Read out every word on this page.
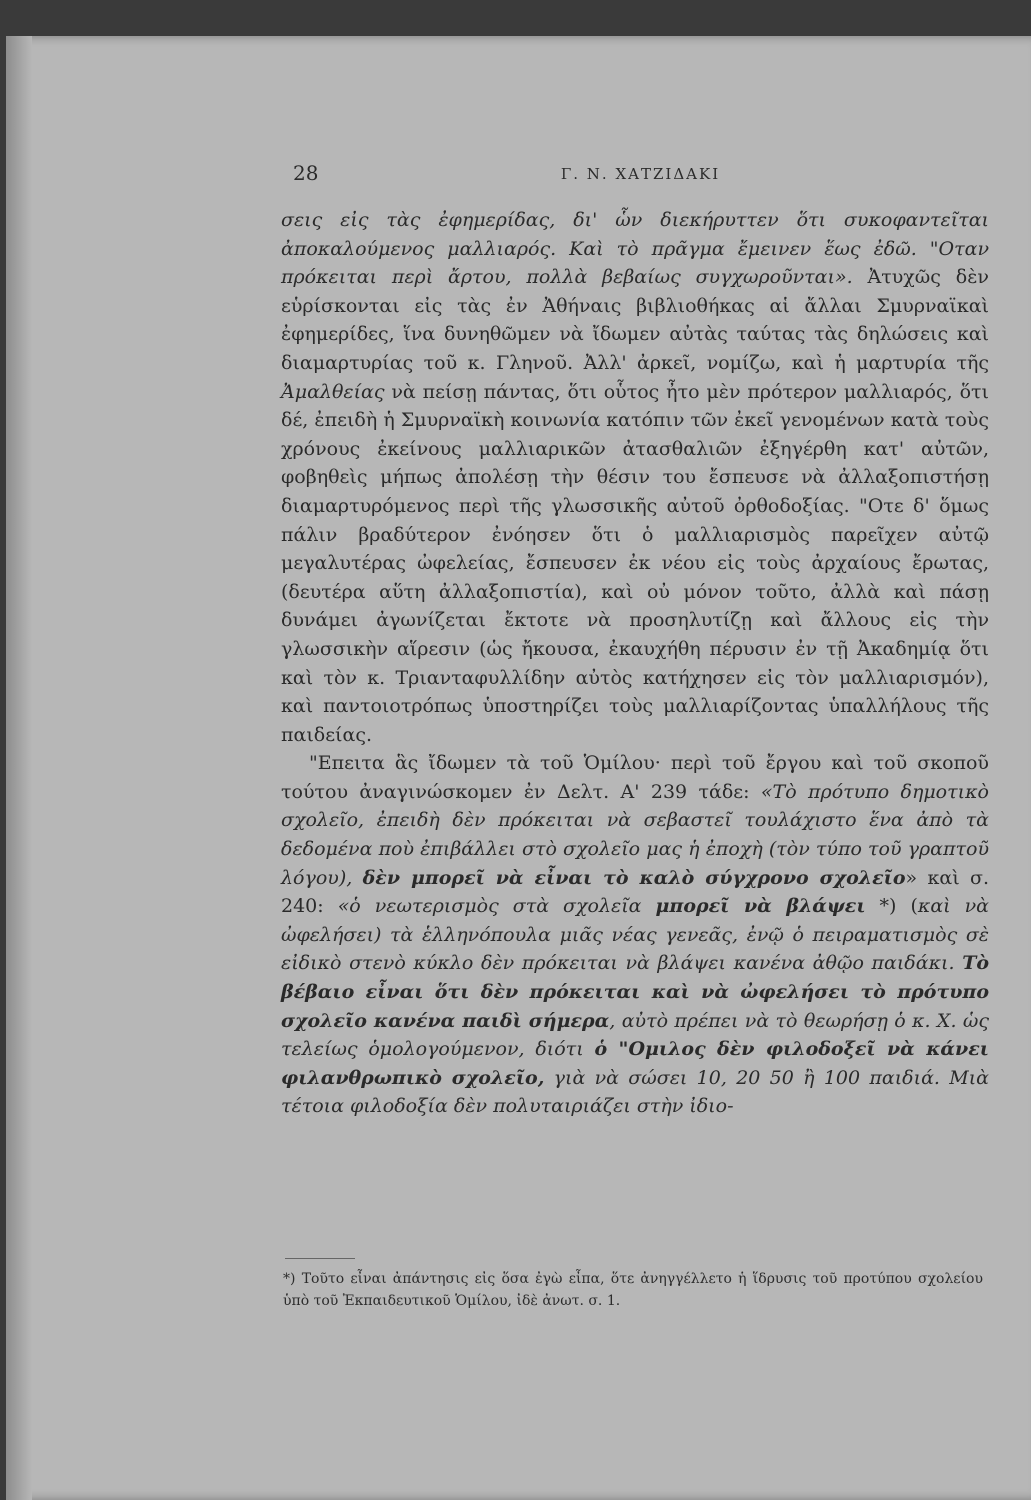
28	Γ. Ν. ΧΑΤΖΙΔΑΚΙ

σεις εἰς τὰς ἐφημερίδας, δι' ὧν διεκήρυττεν ὅτι συκοφαντεῖται ἀποκαλούμενος μαλλιαρός. Καὶ τὸ πρᾶγμα ἔμεινεν ἕως ἐδῶ. "Οταν πρόκειται περὶ ἄρτου, πολλὰ βεβαίως συγχωροῦνται». Ἀτυχῶς δὲν εὑρίσκονται εἰς τὰς ἐν Ἀθήναις βιβλιοθήκας αἱ ἄλλαι Σμυρναϊκαὶ ἐφημερίδες, ἵνα δυνηθῶμεν νὰ ἴδωμεν αὐτὰς ταύτας τὰς δηλώσεις καὶ διαμαρτυρίας τοῦ κ. Γληνοῦ. Ἀλλ' ἀρκεῖ, νομίζω, καὶ ἡ μαρτυρία τῆς Ἀμαλθείας νὰ πείσῃ πάντας, ὅτι οὗτος ἦτο μὲν πρότερον μαλλιαρός, ὅτι δέ, ἐπειδὴ ἡ Σμυρναϊκὴ κοινωνία κατόπιν τῶν ἐκεῖ γενομένων κατὰ τοὺς χρόνους ἐκείνους μαλλιαρικῶν ἀτασθαλιῶν ἐξηγέρθη κατ' αὐτῶν, φοβηθεὶς μήπως ἀπολέσῃ τὴν θέσιν του ἔσπευσε νὰ ἀλλαξοπιστήσῃ διαμαρτυρόμενος περὶ τῆς γλωσσικῆς αὐτοῦ ὀρθοδοξίας. "Οτε δ' ὅμως πάλιν βραδύτερον ἐνόησεν ὅτι ὁ μαλλιαρισμὸς παρεῖχεν αὐτῷ μεγαλυτέρας ὠφελείας, ἔσπευσεν ἐκ νέου εἰς τοὺς ἀρχαίους ἔρωτας, (δευτέρα αὕτη ἀλλαξοπιστία), καὶ οὐ μόνον τοῦτο, ἀλλὰ καὶ πάσῃ δυνάμει ἀγωνίζεται ἔκτοτε νὰ προσηλυτίζῃ καὶ ἄλλους εἰς τὴν γλωσσικὴν αἵρεσιν (ὡς ἤκουσα, ἐκαυχήθη πέρυσιν ἐν τῇ Ἀκαδημίᾳ ὅτι καὶ τὸν κ. Τριανταφυλλίδην αὐτὸς κατήχησεν εἰς τὸν μαλλιαρισμόν), καὶ παντοιοτρόπως ὑποστηρίζει τοὺς μαλλιαρίζοντας ὑπαλλήλους τῆς παιδείας.

"Επειτα ἃς ἴδωμεν τὰ τοῦ Ὁμίλου· περὶ τοῦ ἔργου καὶ τοῦ σκοποῦ τούτου ἀναγινώσκομεν ἐν Δελτ. Α' 239 τάδε: «Τὸ πρότυπο δημοτικὸ σχολεῖο, ἐπειδὴ δὲν πρόκειται νὰ σεβαστεῖ τουλάχιστο ἕνα ἀπὸ τὰ δεδομένα ποὺ ἐπιβάλλει στὸ σχολεῖο μας ἡ ἐποχὴ (τὸν τύπο τοῦ γραπτοῦ λόγου), δὲν μπορεῖ νὰ εἶναι τὸ καλὸ σύγχρονο σχολεῖο» καὶ σ. 240: «ὁ νεωτερισμὸς στὰ σχολεῖα μπορεῖ νὰ βλάψει *) (καὶ νὰ ὠφελήσει) τὰ ἑλληνόπουλα μιᾶς νέας γενεᾶς, ἐνῷ ὁ πειραματισμὸς σὲ εἰδικὸ στενὸ κύκλο δὲν πρόκειται νὰ βλάψει κανένα ἀθῷο παιδάκι. Τὸ βέβαιο εἶναι ὅτι δὲν πρόκειται καὶ νὰ ὠφελήσει τὸ πρότυπο σχολεῖο κανένα παιδὶ σήμερα, αὐτὸ πρέπει νὰ τὸ θεωρήσῃ ὁ κ. Χ. ὡς τελείως ὁμολογούμενον, διότι ὁ "Ομιλος δὲν φιλοδοξεῖ νὰ κάνει φιλανθρωπικὸ σχολεῖο, γιὰ νὰ σώσει 10, 20 50 ἢ 100 παιδιά. Μιὰ τέτοια φιλοδοξία δὲν πολυταιριάζει στὴν ἰδιο-

*) Τοῦτο εἶναι ἀπάντησις εἰς ὅσα ἐγὼ εἶπα, ὅτε ἀνηγγέλλετο ἡ ἵδρυσις τοῦ προτύπου σχολείου ὑπὸ τοῦ Ἐκπαιδευτικοῦ Ὁμίλου, ἰδὲ ἀνωτ. σ. 1.
